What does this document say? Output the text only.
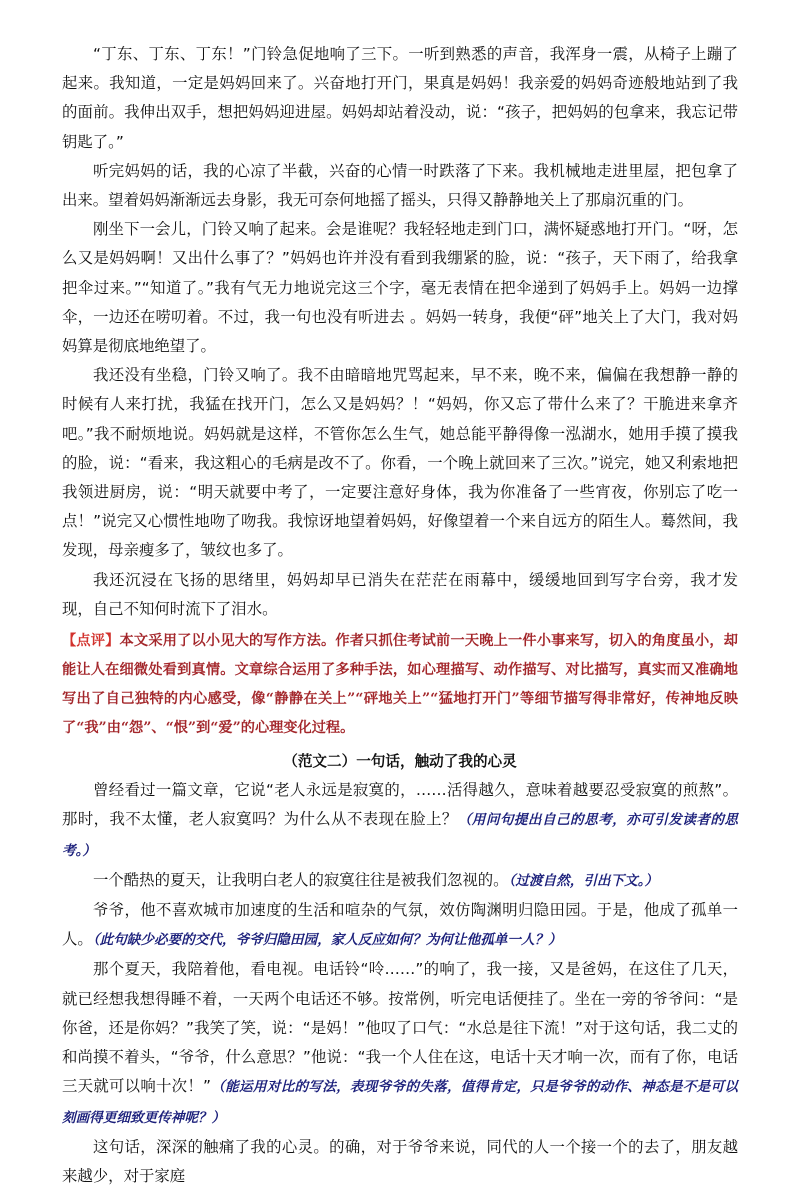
“丁东、丁东、丁东！”门铃急促地响了三下。一听到熟悉的声音，我浑身一震，从椅子上蹦了起来。我知道，一定是妈妈回来了。兴奋地打开门，果真是妈妈！我亲爱的妈妈奇迹般地站到了我的面前。我伸出双手，想把妈妈迎进屋。妈妈却站着没动，说：“孩子，把妈妈的包拿来，我忘记带钥匙了。”

听完妈妈的话，我的心凉了半截，兴奋的心情一时跌落了下来。我机械地走进里屋，把包拿了出来。望着妈妈渐渐远去身影，我无可奈何地摇了摇头，只得又静静地关上了那扇沉重的门。

刚坐下一会儿，门铃又响了起来。会是谁呢？我轻轻地走到门口，满怀疑惑地打开门。“呀，怎么又是妈妈啊！又出什么事了？”妈妈也许并没有看到我绷紧的脸，说：“孩子，天下雨了，给我拿把伞过来。”“知道了。”我有气无力地说完这三个字，毫无表情在把伞递到了妈妈手上。妈妈一边撑伞，一边还在唠叨着。不过，我一句也没有听进去 。妈妈一转身，我便“砰”地关上了大门，我对妈妈算是彻底地绝望了。

我还没有坐稳，门铃又响了。我不由暗暗地咒骂起来，早不来，晚不来，偏偏在我想静一静的时候有人来打扰，我猛在找开门，怎么又是妈妈？！“妈妈，你又忘了带什么来了？干脆进来拿齐吧。”我不耐烦地说。妈妈就是这样，不管你怎么生气，她总能平静得像一泓湖水，她用手摸了摸我的脸，说：“看来，我这粗心的毛病是改不了。你看，一个晚上就回来了三次。”说完，她又利索地把我领进厨房，说：“明天就要中考了，一定要注意好身体，我为你准备了一些宵夜，你别忘了吃一 点！”说完又心惯性地吻了吻我。我惊讶地望着妈妈，好像望着一个来自远方的陌生人。蓦然间，我发现，母亲瘦多了，皱纹也多了。

我还沉浸在飞扬的思绪里，妈妈却早已消失在茫茫在雨幕中，缓缓地回到写字台旁，我才发现，自己不知何时流下了泪水。

【点评】本文采用了以小见大的写作方法。作者只抓住考试前一天晚上一件小事来写，切入的角度虽小，却能让人在细微处看到真情。文章综合运用了多种手法，如心理描写、动作描写、对比描写，真实而又准确地写出了自己独特的内心感受，像“静静在关上”“砰地关上”“猛地打开门”等细节描写得非常好，传神地反映了“我”由“怨”、“恨”到“爱”的心理变化过程。

（范文二）一句话，触动了我的心灵

曾经看过一篇文章，它说“老人永远是寂寞的，……活得越久，意味着越要忍受寂寞的煎熬”。那时，我不太懂，老人寂寞吗？为什么从不表现在脸上？（用问句提出自己的思考，亦可引发读者的思考。）

一个酷热的夏天，让我明白老人的寂寞往往是被我们忽视的。（过渡自然，引出下文。）

爷爷，他不喜欢城市加速度的生活和喧杂的气氛，效仿陶渊明归隐田园。于是，他成了孤单一人。（此句缺少必要的交代，爷爷归隐田园，家人反应如何？为何让他孤单一人？）

那个夏天，我陪着他，看电视。电话铃“呤……”的响了，我一接，又是爸妈，在这住了几天，就已经想我想得睡不着，一天两个电话还不够。按常例，听完电话便挂了。坐在一旁的爷爷问：“是你爸，还是你妈？”我笑了笑，说：“是妈！”他叹了口气：“水总是往下流！”对于这句话，我二丈的和尚摸不着头，“爷爷，什么意思？”他说：“我一个人住在这，电话十天才响一次，而有了你，电话三天就可以响十次！”（能运用对比的写法，表现爷爷的失落，值得肯定，只是爷爷的动作、神态是不是可以刻画得更细致更传神呢？）

这句话，深深的触痛了我的心灵。的确，对于爷爷来说，同代的人一个接一个的去了，朋友越来越少，对于家庭
